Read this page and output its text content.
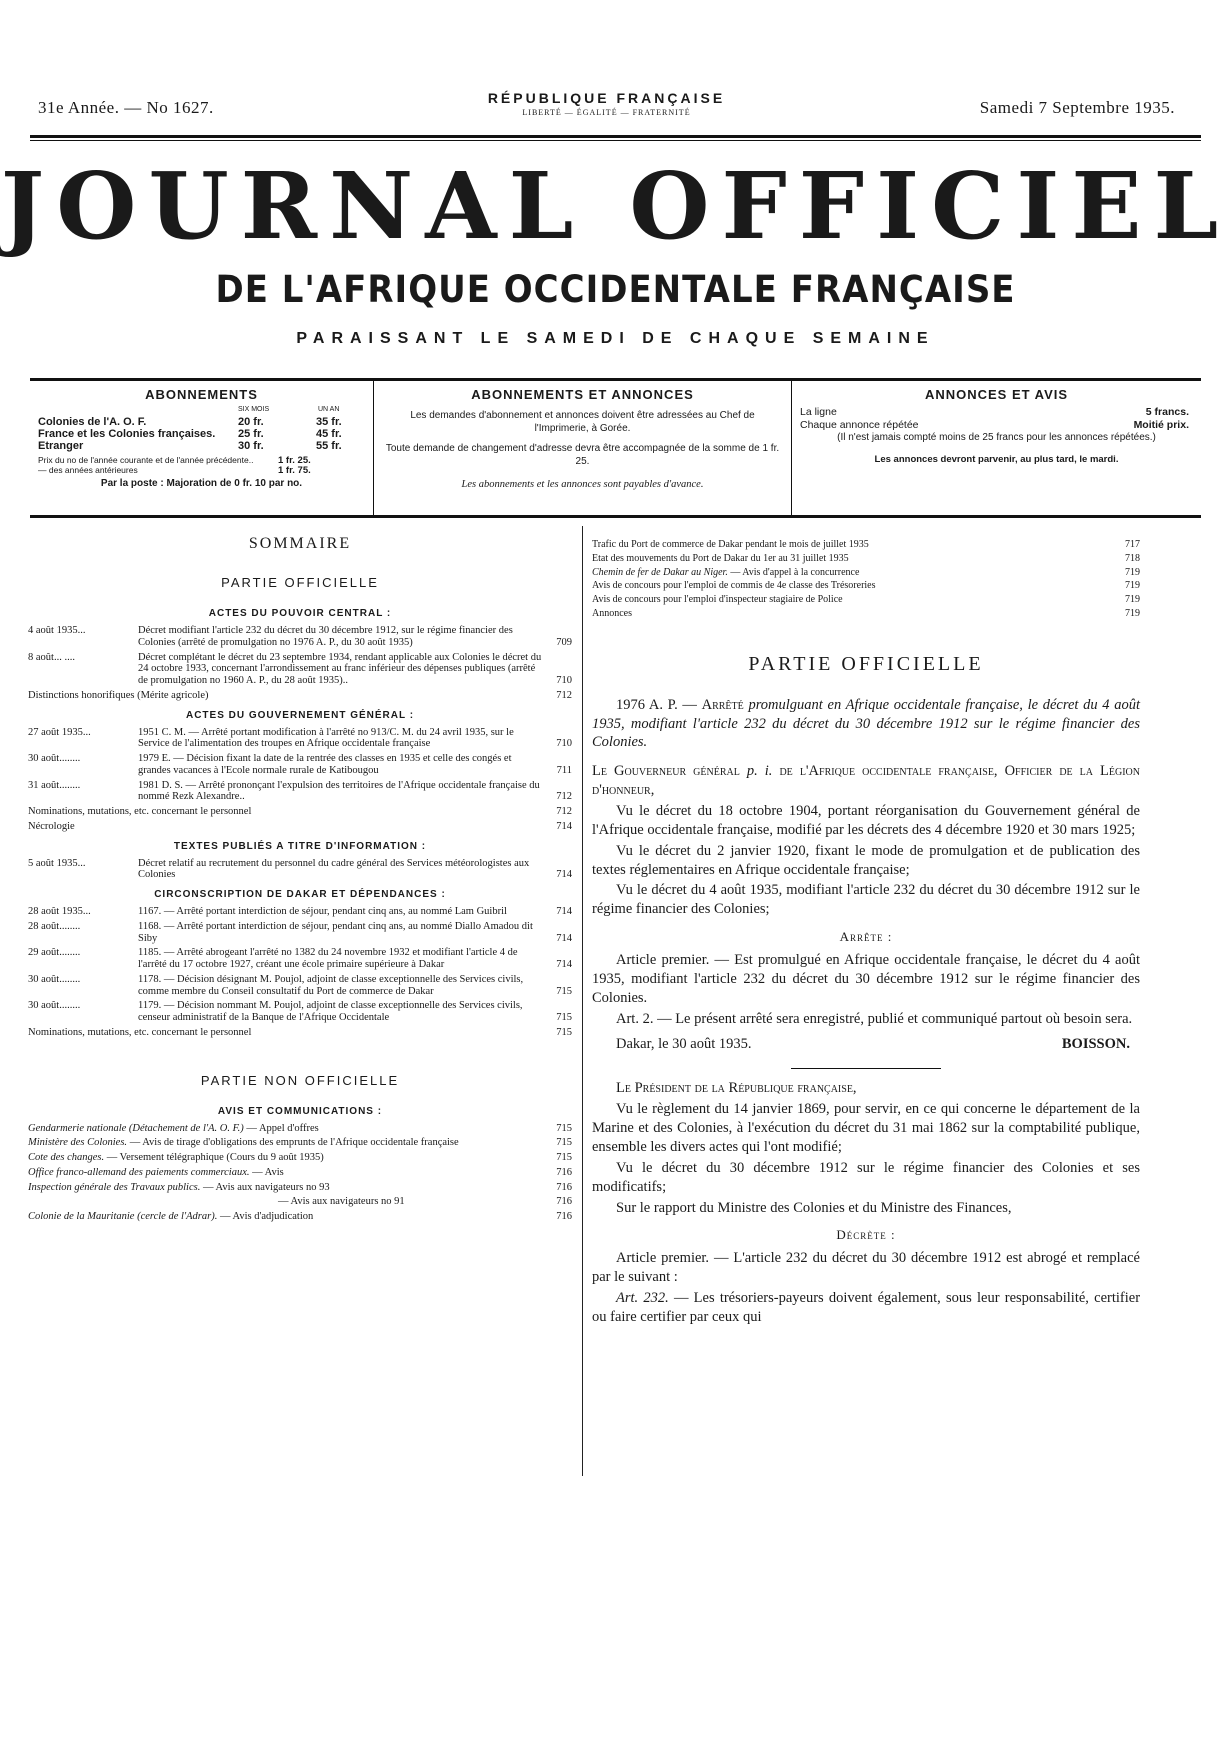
31e Année. — No 1627.	RÉPUBLIQUE FRANÇAISE
LIBERTÉ — ÉGALITÉ — FRATERNITÉ	Samedi 7 Septembre 1935.
JOURNAL OFFICIEL
DE L'AFRIQUE OCCIDENTALE FRANÇAISE
PARAISSANT LE SAMEDI DE CHAQUE SEMAINE
ABONNEMENTS
SIX MOIS	UN AN
Colonies de l'A. O. F.	20 fr.	35 fr.
France et les Colonies françaises. 25 fr.	45 fr.
Etranger	30 fr.	55 fr.
Prix du no de l'année courante et de l'année précédente..	1 fr. 25.
— des années antérieures	1 fr. 75.
Par la poste : Majoration de 0 fr. 10 par no.
ABONNEMENTS ET ANNONCES

Les demandes d'abonnement et annonces doivent être adressées au Chef de l'Imprimerie, à Gorée.

Toute demande de changement d'adresse devra être accompagnée de la somme de 1 fr. 25.

Les abonnements et les annonces sont payables d'avance.

ANNONCES ET AVIS
La ligne	5 francs.
Chaque annonce répétée	Moitié prix.
(Il n'est jamais compté moins de 25 francs pour les annonces répétées.)
Les annonces devront parvenir, au plus tard, le mardi.
SOMMAIRE
PARTIE OFFICIELLE
ACTES DU POUVOIR CENTRAL :
4 août 1935...	Décret modifiant l'article 232 du décret du 30 décembre 1912, sur le régime financier des Colonies (arrêté de promulgation no 1976 A. P., du 30 août 1935)	709
8 août... ....	Décret complétant le décret du 23 septembre 1934, rendant applicable aux Colonies le décret du 24 octobre 1933, concernant l'arrondissement au franc inférieur des dépenses publiques (arrêté de promulgation no 1960 A. P., du 28 août 1935)..	710
Distinctions honorifiques (Mérite agricole)	712
ACTES DU GOUVERNEMENT GÉNÉRAL :
27 août 1935...	1951 C. M. — Arrêté portant modification à l'arrêté no 913/C. M. du 24 avril 1935, sur le Service de l'alimentation des troupes en Afrique occidentale française	710
30 août........	1979 E. — Décision fixant la date de la rentrée des classes en 1935 et celle des congés et grandes vacances à l'Ecole normale rurale de Katibougou	711
31 août........	1981 D. S. — Arrêté prononçant l'expulsion des territoires de l'Afrique occidentale française du nommé Rezk Alexandre..	712
Nominations, mutations, etc. concernant le personnel	712
Nécrologie	714
TEXTES PUBLIÉS A TITRE D'INFORMATION :
5 août 1935...	Décret relatif au recrutement du personnel du cadre général des Services météorologistes aux Colonies	714
CIRCONSCRIPTION DE DAKAR ET DÉPENDANCES :
28 août 1935...	1167. — Arrêté portant interdiction de séjour, pendant cinq ans, au nommé Lam Guibril	714
28 août........	1168. — Arrêté portant interdiction de séjour, pendant cinq ans, au nommé Diallo Amadou dit Siby	714
29 août........	1185. — Arrêté abrogeant l'arrêté no 1382 du 24 novembre 1932 et modifiant l'article 4 de l'arrêté du 17 octobre 1927, créant une école primaire supérieure à Dakar	714
30 août........	1178. — Décision désignant M. Poujol, adjoint de classe exceptionnelle des Services civils, comme membre du Conseil consultatif du Port de commerce de Dakar	715
30 août........	1179. — Décision nommant M. Poujol, adjoint de classe exceptionnelle des Services civils, censeur administratif de la Banque de l'Afrique Occidentale	715
Nominations, mutations, etc. concernant le personnel	715
PARTIE NON OFFICIELLE
AVIS ET COMMUNICATIONS :
Gendarmerie nationale (Détachement de l'A. O. F.) — Appel d'offres	715
Ministère des Colonies. — Avis de tirage d'obligations des emprunts de l'Afrique occidentale française	715
Cote des changes. — Versement télégraphique (Cours du 9 août 1935)	715
Office franco-allemand des paiements commerciaux. — Avis	716
Inspection générale des Travaux publics. — Avis aux navigateurs no 93	716
— Avis aux navigateurs no 91	716
Colonie de la Mauritanie (cercle de l'Adrar). — Avis d'adjudication	716
Trafic du Port de commerce de Dakar pendant le mois de juillet 1935	717
Etat des mouvements du Port de Dakar du 1er au 31 juillet 1935	718
Chemin de fer de Dakar au Niger. — Avis d'appel à la concurrence	719
Avis de concours pour l'emploi de commis de 4e classe des Trésoreries	719
Avis de concours pour l'emploi d'inspecteur stagiaire de Police	719
Annonces	719
PARTIE OFFICIELLE

1976 A. P. — Arrêté promulguant en Afrique occidentale française, le décret du 4 août 1935, modifiant l'article 232 du décret du 30 décembre 1912 sur le régime financier des Colonies.

Le Gouverneur général p. i. de l'Afrique occidentale française, Officier de la Légion d'honneur,

Vu le décret du 18 octobre 1904, portant réorganisation du Gouvernement général de l'Afrique occidentale française, modifié par les décrets des 4 décembre 1920 et 30 mars 1925;

Vu le décret du 2 janvier 1920, fixant le mode de promulgation et de publication des textes réglementaires en Afrique occidentale française;

Vu le décret du 4 août 1935, modifiant l'article 232 du décret du 30 décembre 1912 sur le régime financier des Colonies;

Arrête :

Article premier. — Est promulgué en Afrique occidentale française, le décret du 4 août 1935, modifiant l'article 232 du décret du 30 décembre 1912 sur le régime financier des Colonies.

Art. 2. — Le présent arrêté sera enregistré, publié et communiqué partout où besoin sera.

Dakar, le 30 août 1935.	BOISSON.

Le Président de la République française,

Vu le règlement du 14 janvier 1869, pour servir, en ce qui concerne le département de la Marine et des Colonies, à l'exécution du décret du 31 mai 1862 sur la comptabilité publique, ensemble les divers actes qui l'ont modifié;

Vu le décret du 30 décembre 1912 sur le régime financier des Colonies et ses modificatifs;

Sur le rapport du Ministre des Colonies et du Ministre des Finances,

Décrète :

Article premier. — L'article 232 du décret du 30 décembre 1912 est abrogé et remplacé par le suivant :

Art. 232. — Les trésoriers-payeurs doivent également, sous leur responsabilité, certifier ou faire certifier par ceux qui
